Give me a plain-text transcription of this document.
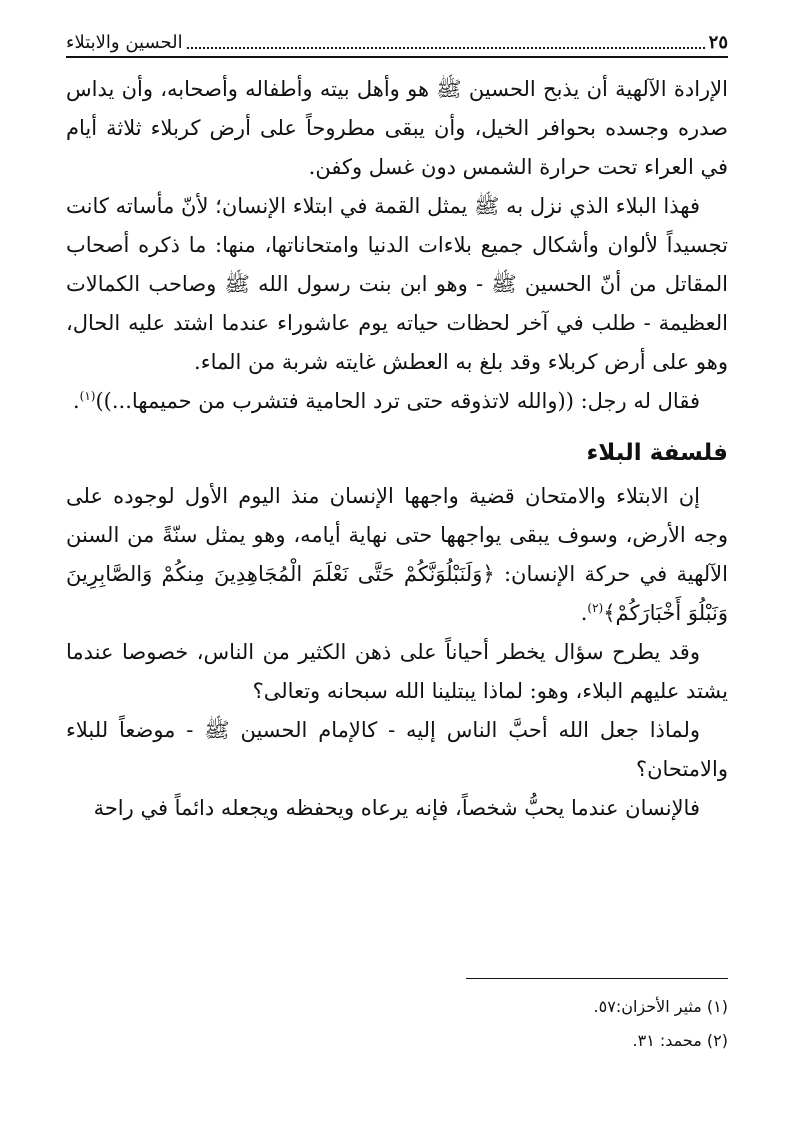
٢٥
الحسين والابتلاء

الإرادة الآلهية أن يذبح الحسين ﷺ هو وأهل بيته وأطفاله وأصحابه، وأن يداس صدره وجسده بحوافر الخيل، وأن يبقى مطروحاً على أرض كربلاء ثلاثة أيام في العراء تحت حرارة الشمس دون غسل وكفن.

فهذا البلاء الذي نزل به ﷺ يمثل القمة في ابتلاء الإنسان؛ لأنّ مأساته كانت تجسيداً لألوان وأشكال جميع بلاءات الدنيا وامتحاناتها، منها: ما ذكره أصحاب المقاتل من أنّ الحسين ﷺ - وهو ابن بنت رسول الله ﷺ وصاحب الكمالات العظيمة - طلب في آخر لحظات حياته يوم عاشوراء عندما اشتد عليه الحال، وهو على أرض كربلاء وقد بلغ به العطش غايته شربة من الماء.

فقال له رجل: ((والله لاتذوقه حتى ترد الحامية فتشرب من حميمها...))$^{(١)}$.

فلسفة البلاء

إن الابتلاء والامتحان قضية واجهها الإنسان منذ اليوم الأول لوجوده على وجه الأرض، وسوف يبقى يواجهها حتى نهاية أيامه، وهو يمثل سنّةً من السنن الآلهية في حركة الإنسان: ﴿وَلَنَبْلُوَنَّكُمْ حَتَّى نَعْلَمَ الْمُجَاهِدِينَ مِنكُمْ وَالصَّابِرِينَ وَنَبْلُوَ أَخْبَارَكُمْ﴾$^{(٢)}$.

وقد يطرح سؤال يخطر أحياناً على ذهن الكثير من الناس، خصوصا عندما يشتد عليهم البلاء، وهو: لماذا يبتلينا الله سبحانه وتعالى؟

ولماذا جعل الله أحبَّ الناس إليه - كالإمام الحسين ﷺ - موضعاً للبلاء والامتحان؟

فالإنسان عندما يحبُّ شخصاً، فإنه يرعاه ويحفظه ويجعله دائماً في راحة

(١) مثير الأحزان:٥٧.
(٢) محمد: ٣١.
